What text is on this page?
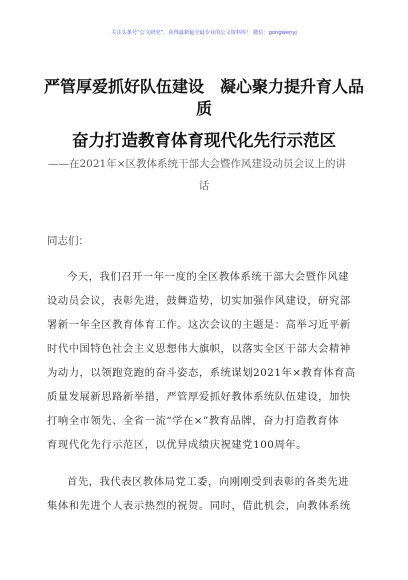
关注头条号“公文研究”，获得最新最全最专业的公文资料库！ 微信：gongwenyj
严管厚爱抓好队伍建设　凝心聚力提升育人品
质
奋力打造教育体育现代化先行示范区
——在2021年×区教体系统干部大会暨作风建设动员会议上的讲
话
同志们：
今天，我们召开一年一度的全区教体系统干部大会暨作风建
设动员会议，表彰先进，鼓舞造势，切实加强作风建设，研究部
署新一年全区教育体育工作。这次会议的主题是：高举习近平新
时代中国特色社会主义思想伟大旗帜，以落实全区干部大会精神
为动力，以领跑竞跑的奋斗姿态，系统谋划2021年×教育体育高
质量发展新思路新举措，严管厚爱抓好教体系统队伍建设，加快
打响全市领先、全省一流“学在×”教育品牌，奋力打造教育体
育现代化先行示范区，以优异成绩庆祝建党100周年。
首先，我代表区教体局党工委，向刚刚受到表彰的各类先进
集体和先进个人表示热烈的祝贺。同时，借此机会，向教体系统
